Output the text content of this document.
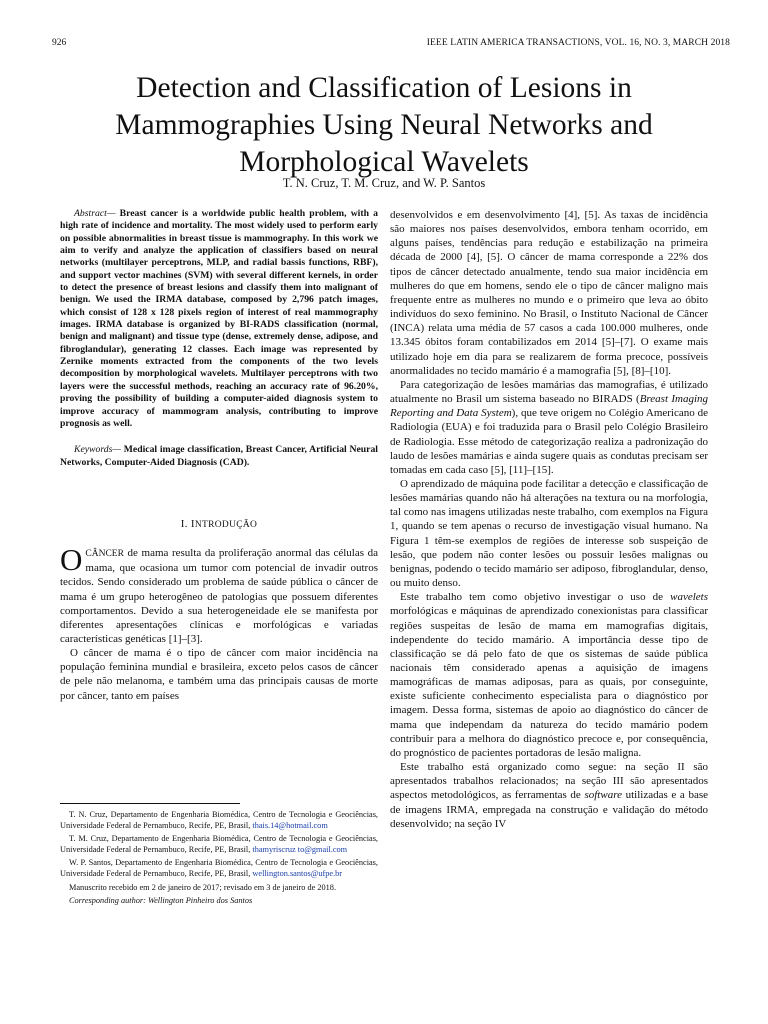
926	IEEE LATIN AMERICA TRANSACTIONS, VOL. 16, NO. 3, MARCH 2018
Detection and Classification of Lesions in
Mammographies Using Neural Networks and
Morphological Wavelets
T. N. Cruz, T. M. Cruz, and W. P. Santos

Abstract— Breast cancer is a worldwide public health problem, with a high rate of incidence and mortality. The most widely used to perform early on possible abnormalities in breast tissue is mammography. In this work we aim to verify and analyze the application of classifiers based on neural networks (multilayer perceptrons, MLP, and radial bassis functions, RBF), and support vector machines (SVM) with several different kernels, in order to detect the presence of breast lesions and classify them into malignant of benign. We used the IRMA database, composed by 2,796 patch images, which consist of 128 x 128 pixels region of interest of real mammography images. IRMA database is organized by BI-RADS classification (normal, benign and malignant) and tissue type (dense, extremely dense, adipose, and fibroglandular), generating 12 classes. Each image was represented by Zernike moments extracted from the components of the two levels decomposition by morphological wavelets. Multilayer perceptrons with two layers were the successful methods, reaching an accuracy rate of 96.20%, proving the possibility of building a computer-aided diagnosis system to improve accuracy of mammogram analysis, contributing to improve prognosis as well.

Keywords— Medical image classification, Breast Cancer, Artificial Neural Networks, Computer-Aided Diagnosis (CAD).

I. INTRODUÇÃO

OCÂNCER de mama resulta da proliferação anormal das células da mama, que ocasiona um tumor com potencial de invadir outros tecidos. Sendo considerado um problema de saúde pública o câncer de mama é um grupo heterogêneo de patologias que possuem diferentes comportamentos. Devido a sua heterogeneidade ele se manifesta por diferentes apresentações clínicas e morfológicas e variadas características genéticas [1]–[3].

O câncer de mama é o tipo de câncer com maior incidência na população feminina mundial e brasileira, exceto pelos casos de câncer de pele não melanoma, e também uma das principais causas de morte por câncer, tanto em países

T. N. Cruz, Departamento de Engenharia Biomédica, Centro de Tecnologia e Geociências, Universidade Federal de Pernambuco, Recife, PE, Brasil, thais.14@hotmail.com

T. M. Cruz, Departamento de Engenharia Biomédica, Centro de Tecnologia e Geociências, Universidade Federal de Pernambuco, Recife, PE, Brasil, thamyriscruz to@gmail.com

W. P. Santos, Departamento de Engenharia Biomédica, Centro de Tecnologia e Geociências, Universidade Federal de Pernambuco, Recife, PE, Brasil, wellington.santos@ufpe.br

Manuscrito recebido em 2 de janeiro de 2017; revisado em 3 de janeiro de 2018.

Corresponding author: Wellington Pinheiro dos Santos

desenvolvidos e em desenvolvimento [4], [5]. As taxas de incidência são maiores nos países desenvolvidos, embora tenham ocorrido, em alguns países, tendências para redução e estabilização na primeira década de 2000 [4], [5]. O câncer de mama corresponde a 22% dos tipos de câncer detectado anualmente, tendo sua maior incidência em mulheres do que em homens, sendo ele o tipo de câncer maligno mais frequente entre as mulheres no mundo e o primeiro que leva ao óbito indivíduos do sexo feminino. No Brasil, o Instituto Nacional de Câncer (INCA) relata uma média de 57 casos a cada 100.000 mulheres, onde 13.345 óbitos foram contabilizados em 2014 [5]–[7]. O exame mais utilizado hoje em dia para se realizarem de forma precoce, possíveis anormalidades no tecido mamário é a mamografia [5], [8]–[10].

Para categorização de lesões mamárias das mamografias, é utilizado atualmente no Brasil um sistema baseado no BIRADS (Breast Imaging Reporting and Data System), que teve origem no Colégio Americano de Radiologia (EUA) e foi traduzida para o Brasil pelo Colégio Brasileiro de Radiologia. Esse método de categorização realiza a padronização do laudo de lesões mamárias e ainda sugere quais as condutas precisam ser tomadas em cada caso [5], [11]–[15].

O aprendizado de máquina pode facilitar a detecção e classificação de lesões mamárias quando não há alterações na textura ou na morfologia, tal como nas imagens utilizadas neste trabalho, com exemplos na Figura 1, quando se tem apenas o recurso de investigação visual humano. Na Figura 1 têm-se exemplos de regiões de interesse sob suspeição de lesão, que podem não conter lesões ou possuir lesões malignas ou benignas, podendo o tecido mamário ser adiposo, fibroglandular, denso, ou muito denso.

Este trabalho tem como objetivo investigar o uso de wavelets morfológicas e máquinas de aprendizado conexionistas para classificar regiões suspeitas de lesão de mama em mamografias digitais, independente do tecido mamário. A importância desse tipo de classificação se dá pelo fato de que os sistemas de saúde pública nacionais têm considerado apenas a aquisição de imagens mamográficas de mamas adiposas, para as quais, por conseguinte, existe suficiente conhecimento especialista para o diagnóstico por imagem. Dessa forma, sistemas de apoio ao diagnóstico do câncer de mama que independam da natureza do tecido mamário podem contribuir para a melhora do diagnóstico precoce e, por consequência, do prognóstico de pacientes portadoras de lesão maligna.

Este trabalho está organizado como segue: na seção II são apresentados trabalhos relacionados; na seção III são apresentados aspectos metodológicos, as ferramentas de software utilizadas e a base de imagens IRMA, empregada na construção e validação do método desenvolvido; na seção IV
